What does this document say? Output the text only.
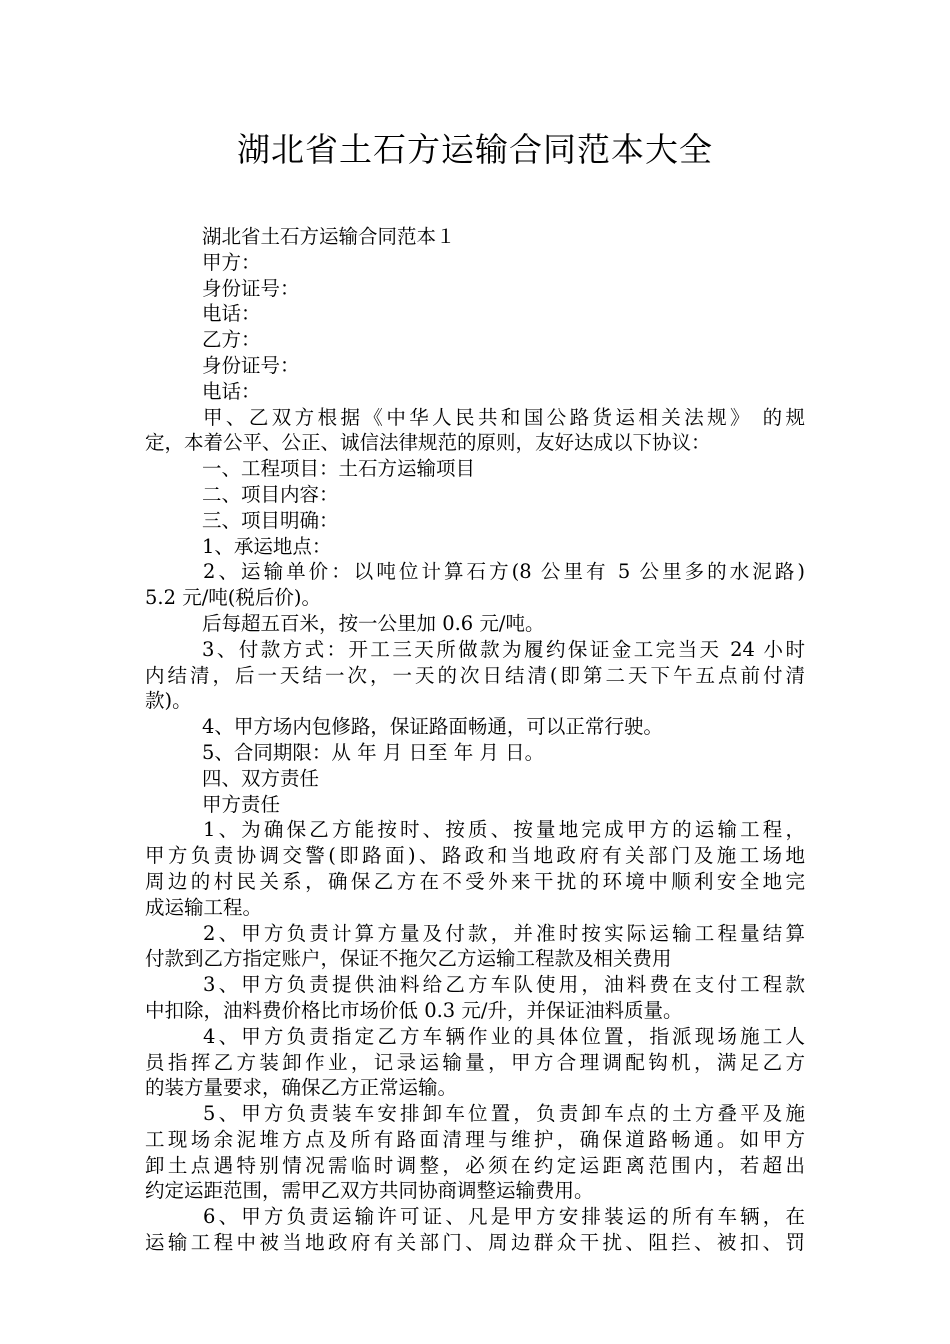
湖北省土石方运输合同范本大全
湖北省土石方运输合同范本１
甲方：
身份证号：
电话：
乙方：
身份证号：
电话：
甲、乙双方根据《中华人民共和国公路货运相关法规》 的规
定，本着公平、公正、诚信法律规范的原则，友好达成以下协议：
一、工程项目：土石方运输项目
二、项目内容：
三、项目明确：
1、承运地点：
2、运输单价：以吨位计算石方(8 公里有 5 公里多的水泥路)
5.2 元/吨(税后价)。
后每超五百米，按一公里加 0.6 元/吨。
3、付款方式：开工三天所做款为履约保证金工完当天 24 小时
内结清，后一天结一次，一天的次日结清(即第二天下午五点前付清
款)。
4、甲方场内包修路，保证路面畅通，可以正常行驶。
5、合同期限：从 年 月 日至 年 月 日。
四、双方责任
甲方责任
1、为确保乙方能按时、按质、按量地完成甲方的运输工程，
甲方负责协调交警(即路面)、路政和当地政府有关部门及施工场地
周边的村民关系，确保乙方在不受外来干扰的环境中顺利安全地完
成运输工程。
2、甲方负责计算方量及付款，并准时按实际运输工程量结算
付款到乙方指定账户，保证不拖欠乙方运输工程款及相关费用
3、甲方负责提供油料给乙方车队使用，油料费在支付工程款
中扣除，油料费价格比市场价低 0.3 元/升，并保证油料质量。
4、甲方负责指定乙方车辆作业的具体位置，指派现场施工人
员指挥乙方装卸作业，记录运输量，甲方合理调配钩机，满足乙方
的装方量要求，确保乙方正常运输。
5、甲方负责装车安排卸车位置，负责卸车点的土方叠平及施
工现场余泥堆方点及所有路面清理与维护，确保道路畅通。如甲方
卸土点遇特别情况需临时调整，必须在约定运距离范围内，若超出
约定运距范围，需甲乙双方共同协商调整运输费用。
6、甲方负责运输许可证、凡是甲方安排装运的所有车辆，在
运输工程中被当地政府有关部门、周边群众干扰、阻拦、被扣、罚
